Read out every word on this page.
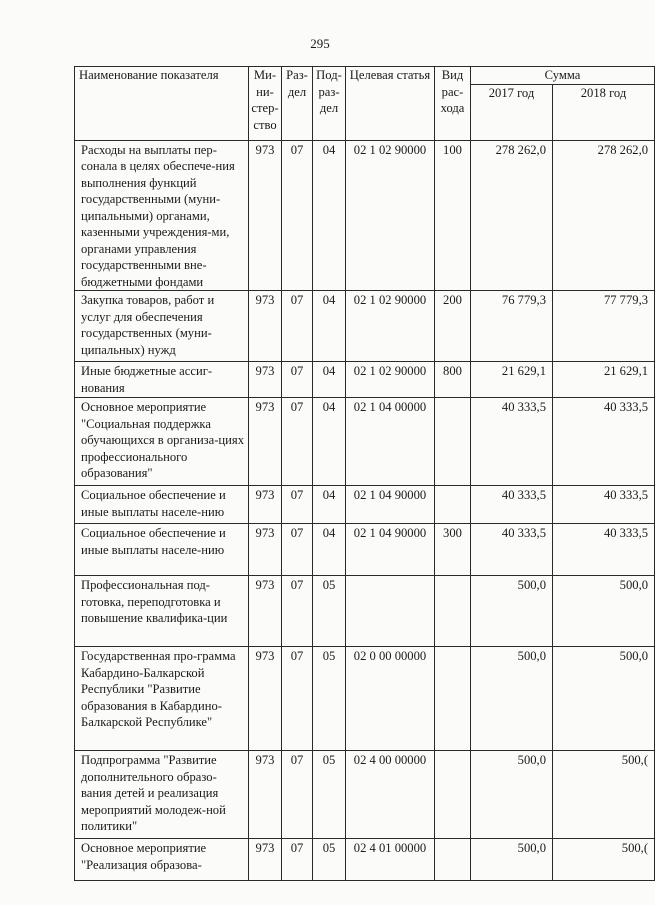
295
Наименование показателя	Ми-ни-стер-ство	Раз-дел	Под-раз-дел	Целевая статья	Вид рас-хода	Сумма	
						2017 год	2018 год
Расходы на выплаты пер-сонала в целях обеспече-ния выполнения функций государственными (муни-ципальными) органами, казенными учреждения-ми, органами управления государственными вне-бюджетными фондами	973	07	04	02 1 02 90000	100	278 262,0	278 262,0
Закупка товаров, работ и услуг для обеспечения государственных (муни-ципальных) нужд	973	07	04	02 1 02 90000	200	76 779,3	77 779,3
Иные бюджетные ассиг-нования	973	07	04	02 1 02 90000	800	21 629,1	21 629,1
Основное мероприятие "Социальная поддержка обучающихся в организа-циях профессионального образования"	973	07	04	02 1 04 00000		40 333,5	40 333,5
Социальное обеспечение и иные выплаты населе-нию	973	07	04	02 1 04 90000		40 333,5	40 333,5
Социальное обеспечение и иные выплаты населе-нию	973	07	04	02 1 04 90000	300	40 333,5	40 333,5
Профессиональная под-готовка, переподготовка и повышение квалифика-ции	973	07	05			500,0	500,0
Государственная про-грамма Кабардино-Балкарской Республики "Развитие образования в Кабардино-Балкарской Республике"	973	07	05	02 0 00 00000		500,0	500,0
Подпрограмма "Развитие дополнительного образо-вания детей и реализация мероприятий молодеж-ной политики"	973	07	05	02 4 00 00000		500,0	500,(
Основное мероприятие "Реализация образова-	973	07	05	02 4 01 00000		500,0	500,(
